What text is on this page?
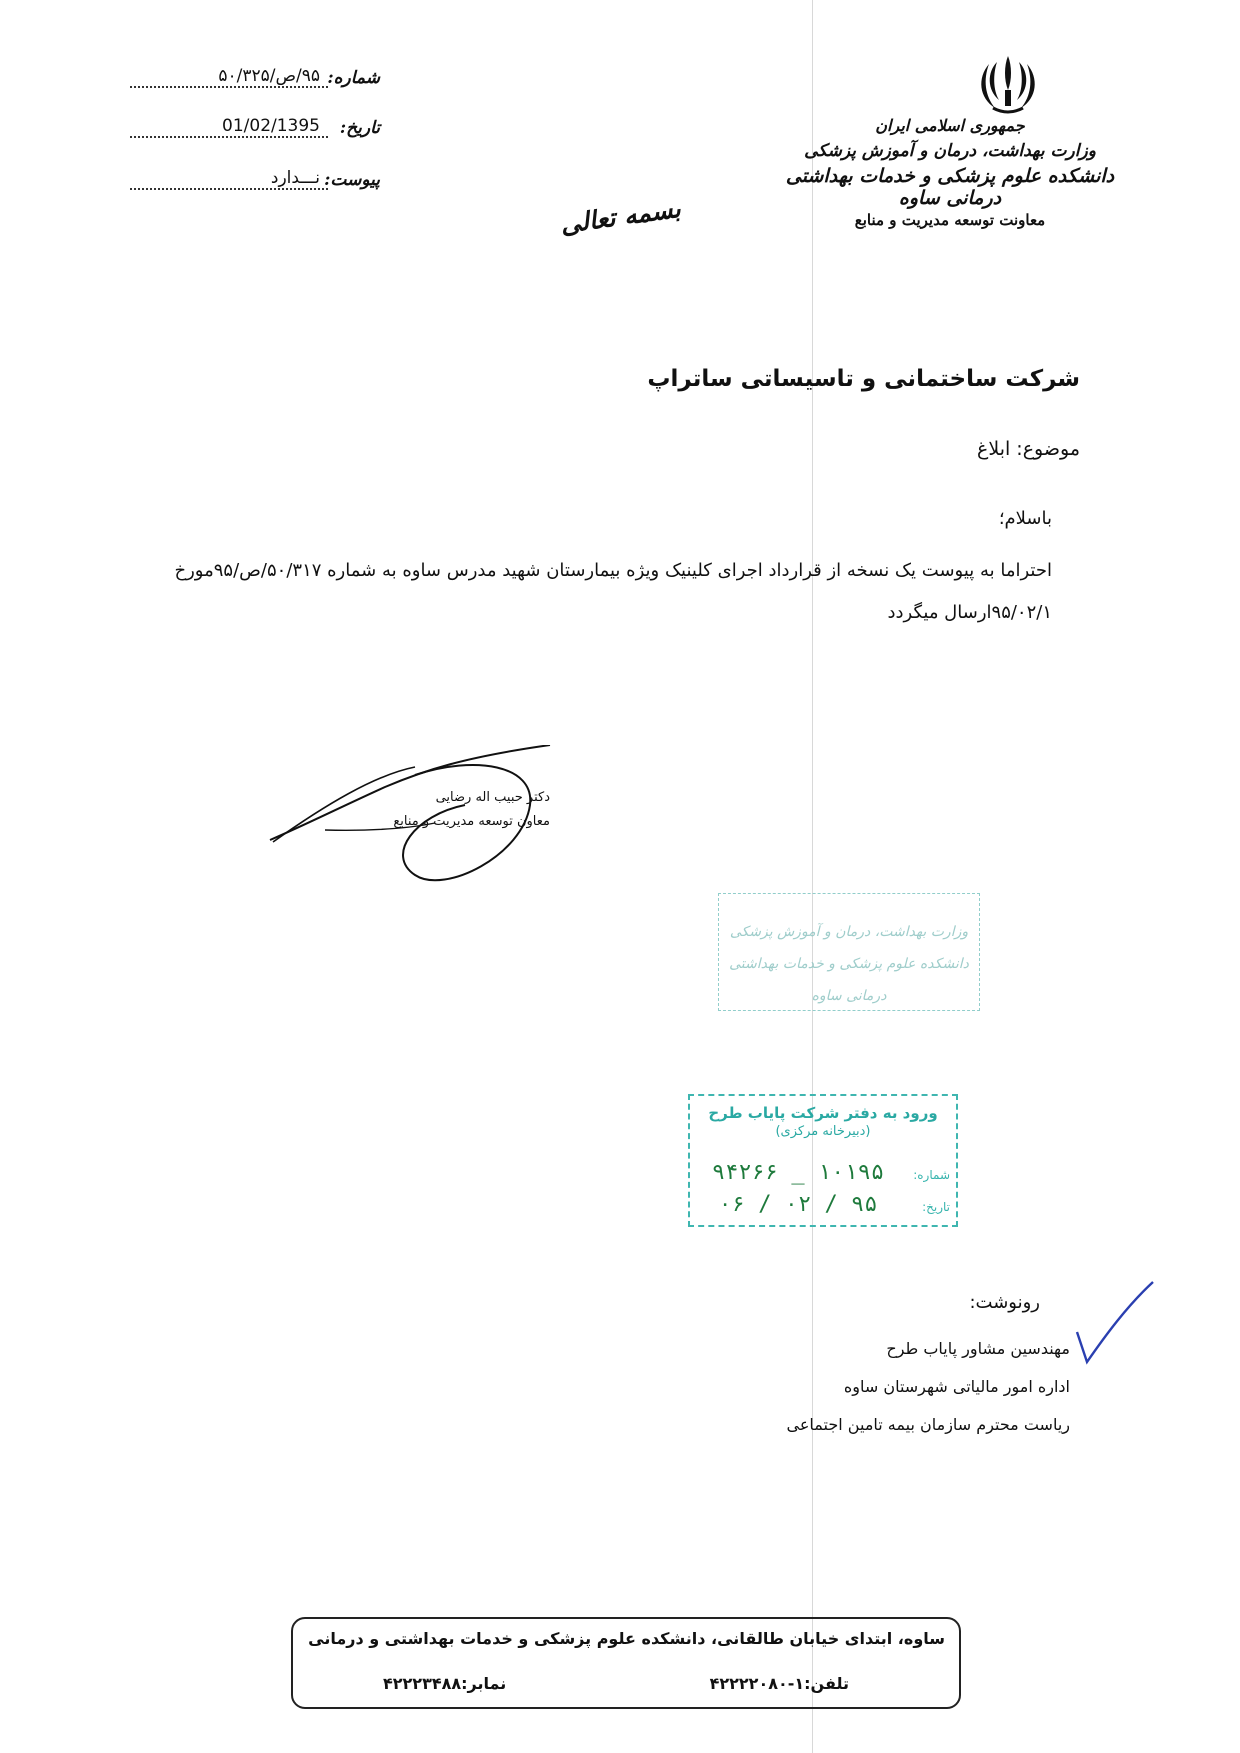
شماره:
۹۵/ص/۵۰/۳۲۵
تاریخ:
01/02/1395
پیوست:
نـــدارد
بسمه تعالی
جمهوری اسلامی ایران
وزارت بهداشت، درمان و آموزش پزشکی
دانشکده علوم پزشکی و خدمات بهداشتی درمانی ساوه
معاونت توسعه مدیریت و منابع
شرکت ساختمانی و تاسیساتی ساتراپ
موضوع: ابلاغ
باسلام؛
احتراما به پیوست یک نسخه از قرارداد اجرای کلینیک ویژه بیمارستان شهید مدرس ساوه به شماره ۵۰/۳۱۷/ص/۹۵مورخ ۹۵/۰۲/۱ارسال میگردد
دکتر حبیب اله رضایی
معاون توسعه مدیریت و منابع
وزارت بهداشت، درمان و آموزش پزشکی
دانشکده علوم پزشکی و خدمات بهداشتی درمانی ساوه
ورود به دفتر شرکت پایاب طرح
(دبیرخانه مرکزی)
شماره:
۱۰۱۹۵ _ ۹۴۲۶۶
تاریخ:
۹۵ / ۰۲ / ۰۶
رونوشت:
مهندسین مشاور پایاب طرح
اداره امور مالیاتی شهرستان ساوه
ریاست محترم سازمان بیمه تامین اجتماعی
ساوه، ابتدای خیابان طالقانی، دانشکده علوم پزشکی و خدمات بهداشتی و درمانی
تلفن:۱-۴۲۲۲۲۰۸۰
نمابر:۴۲۲۲۳۴۸۸
